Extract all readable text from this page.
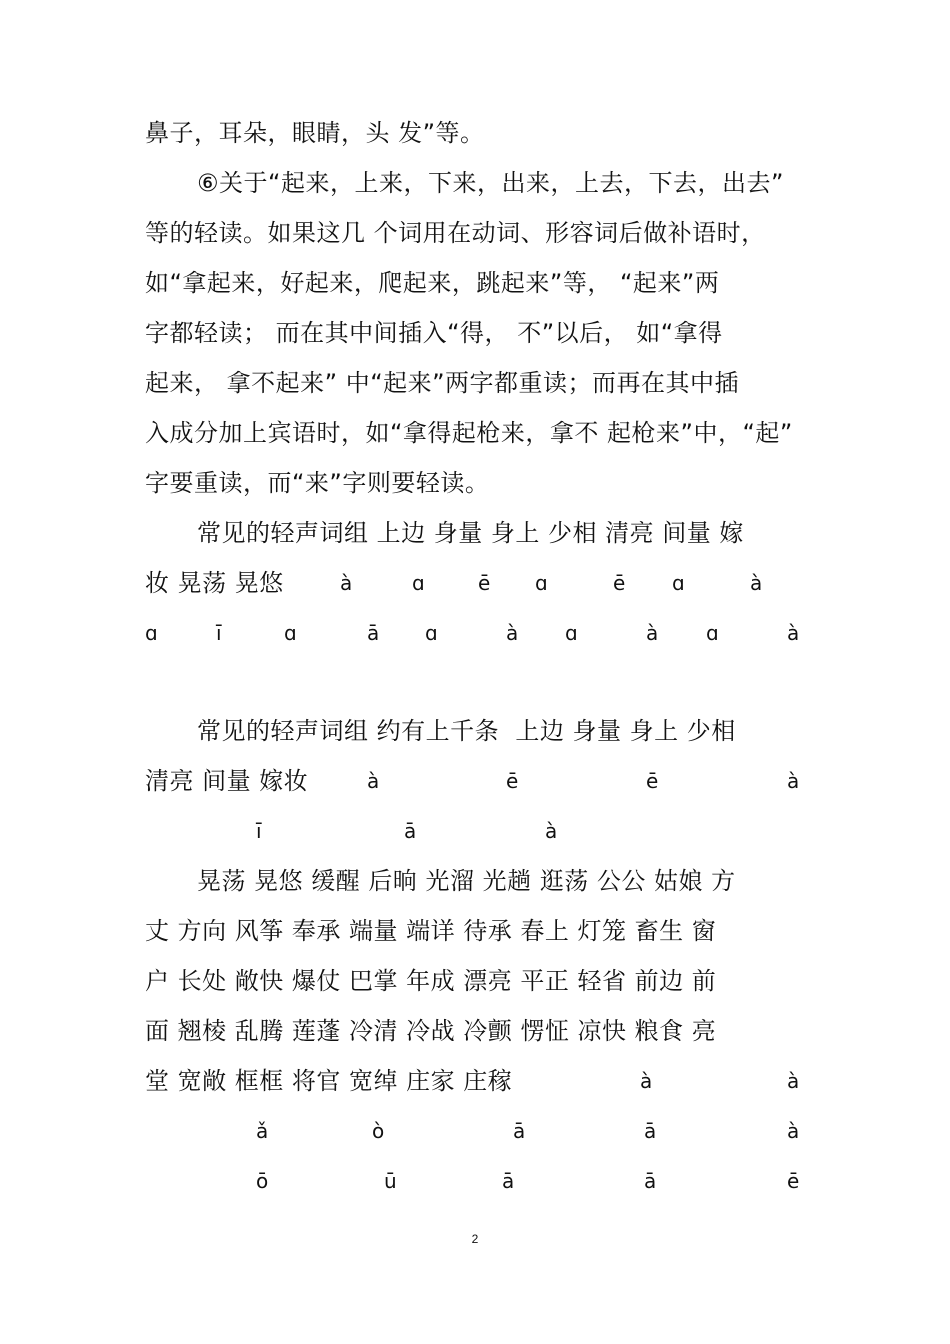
鼻子，耳朵，眼睛，头 发”等。
⑥关于“起来，上来，下来，出来，上去，下去，出去”
等的轻读。如果这几 个词用在动词、形容词后做补语时，
如“拿起来，好起来，爬起来，跳起来”等， “起来”两
字都轻读； 而在其中间插入“得， 不”以后， 如“拿得
起来， 拿不起来” 中“起来”两字都重读；而再在其中插
入成分加上宾语时，如“拿得起枪来，拿不 起枪来”中，“起”
字要重读，而“来”字则要轻读。
常见的轻声词组 上边 身量 身上 少相 清亮 间量 嫁
妆 晃荡 晃悠	à	ɑ	ē ɑ	ē ɑ	à
ɑ	ī	ɑ	ā ɑ	à ɑ	à ɑ	à
常见的轻声词组 约有上千条  上边 身量 身上 少相
清亮 间量 嫁妆	à	ē	ē	à
ī	ā	à
晃荡 晃悠 缓醒 后晌 光溜 光趟 逛荡 公公 姑娘 方
丈 方向 风筝 奉承 端量 端详 待承 春上 灯笼 畜生 窗
户 长处 敞快 爆仗 巴掌 年成 漂亮 平正 轻省 前边 前
面 翘棱 乱腾 莲蓬 冷清 冷战 冷颤 愣怔 凉快 粮食 亮
堂 宽敞 框框 将官 宽绰 庄家 庄稼	à	à
ǎ	ò	ā	ā	à
ō	ū	ā	ā	ē
2
